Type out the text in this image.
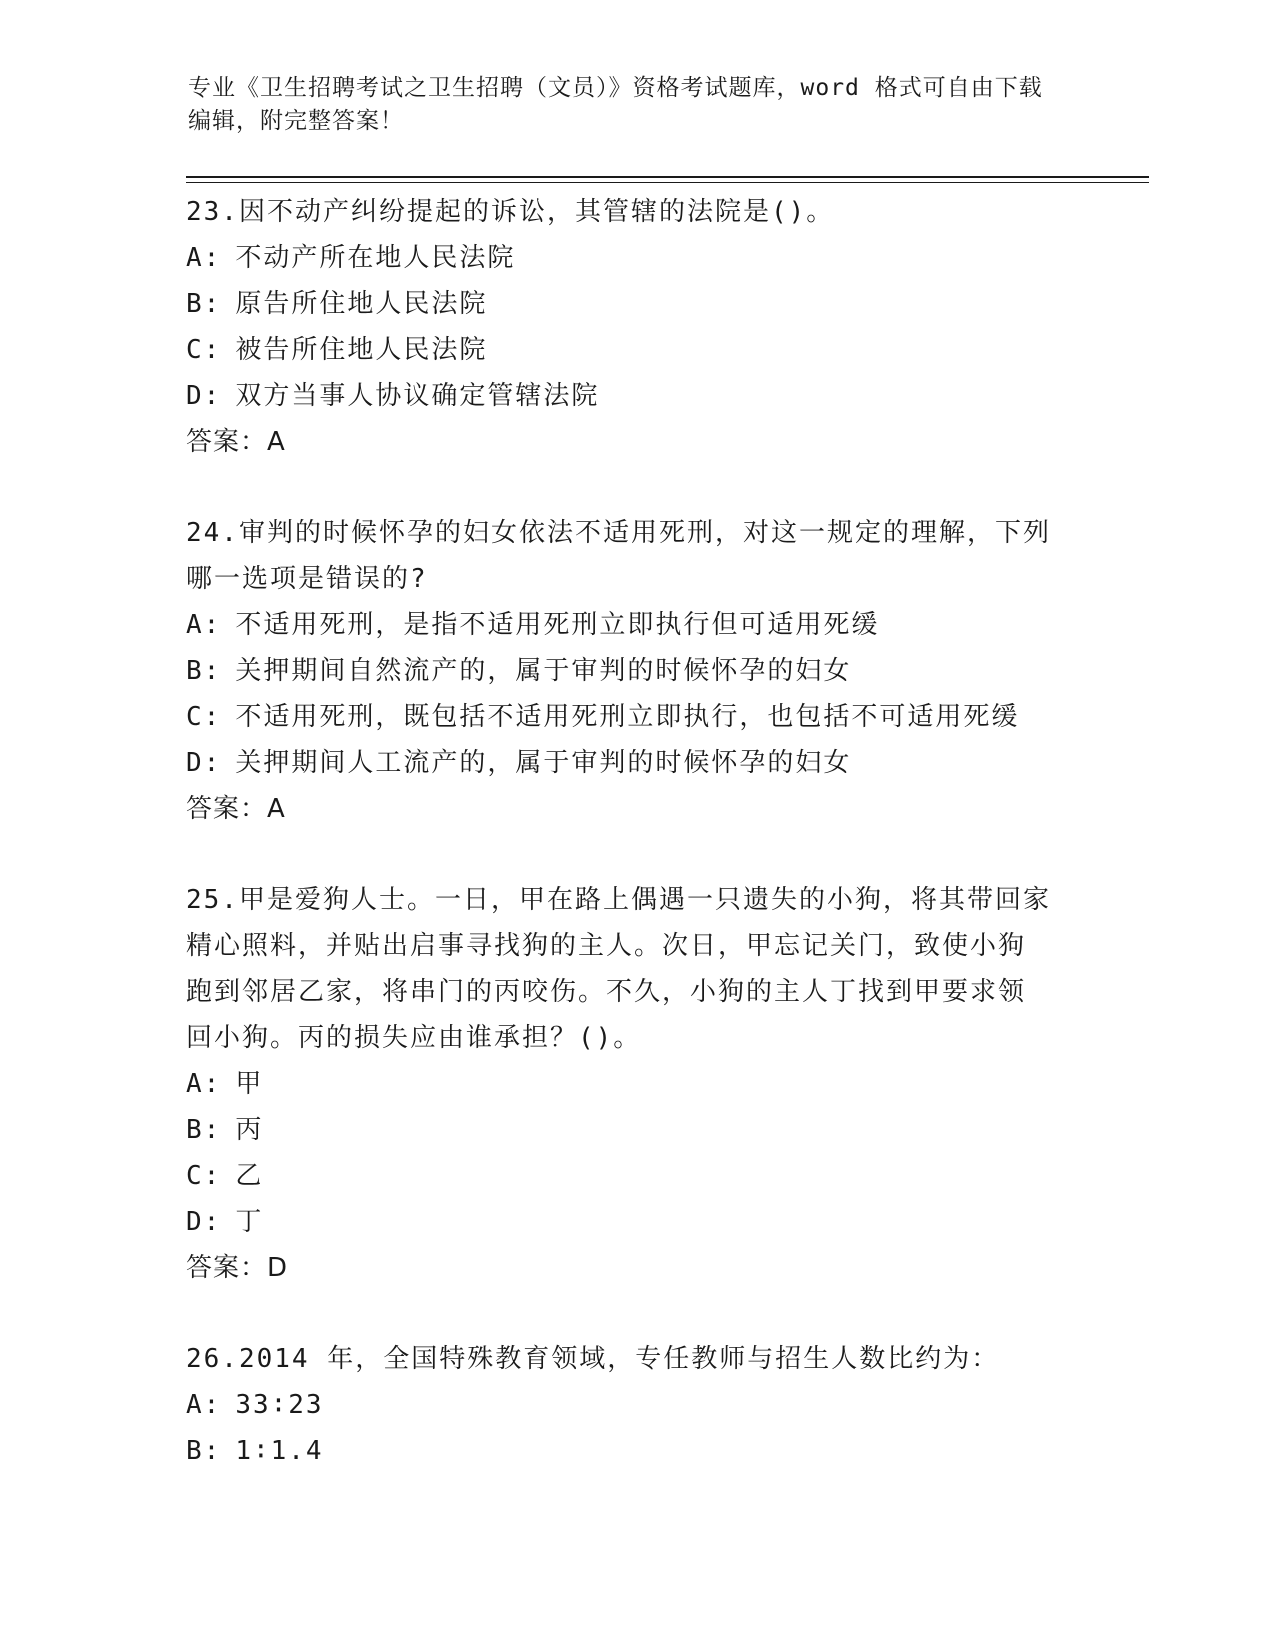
专业《卫生招聘考试之卫生招聘（文员）》资格考试题库，word 格式可自由下载
编辑，附完整答案！
23.因不动产纠纷提起的诉讼，其管辖的法院是()。
A: 不动产所在地人民法院
B: 原告所住地人民法院
C: 被告所住地人民法院
D: 双方当事人协议确定管辖法院
答案：A
24.审判的时候怀孕的妇女依法不适用死刑，对这一规定的理解，下列
哪一选项是错误的?
A: 不适用死刑，是指不适用死刑立即执行但可适用死缓
B: 关押期间自然流产的，属于审判的时候怀孕的妇女
C: 不适用死刑，既包括不适用死刑立即执行，也包括不可适用死缓
D: 关押期间人工流产的，属于审判的时候怀孕的妇女
答案：A
25.甲是爱狗人士。一日，甲在路上偶遇一只遗失的小狗，将其带回家
精心照料，并贴出启事寻找狗的主人。次日，甲忘记关门，致使小狗
跑到邻居乙家，将串门的丙咬伤。不久，小狗的主人丁找到甲要求领
回小狗。丙的损失应由谁承担？()。
A: 甲
B: 丙
C: 乙
D: 丁
答案：D
26.2014 年，全国特殊教育领域，专任教师与招生人数比约为：
A: 33∶23
B: 1∶1.4
